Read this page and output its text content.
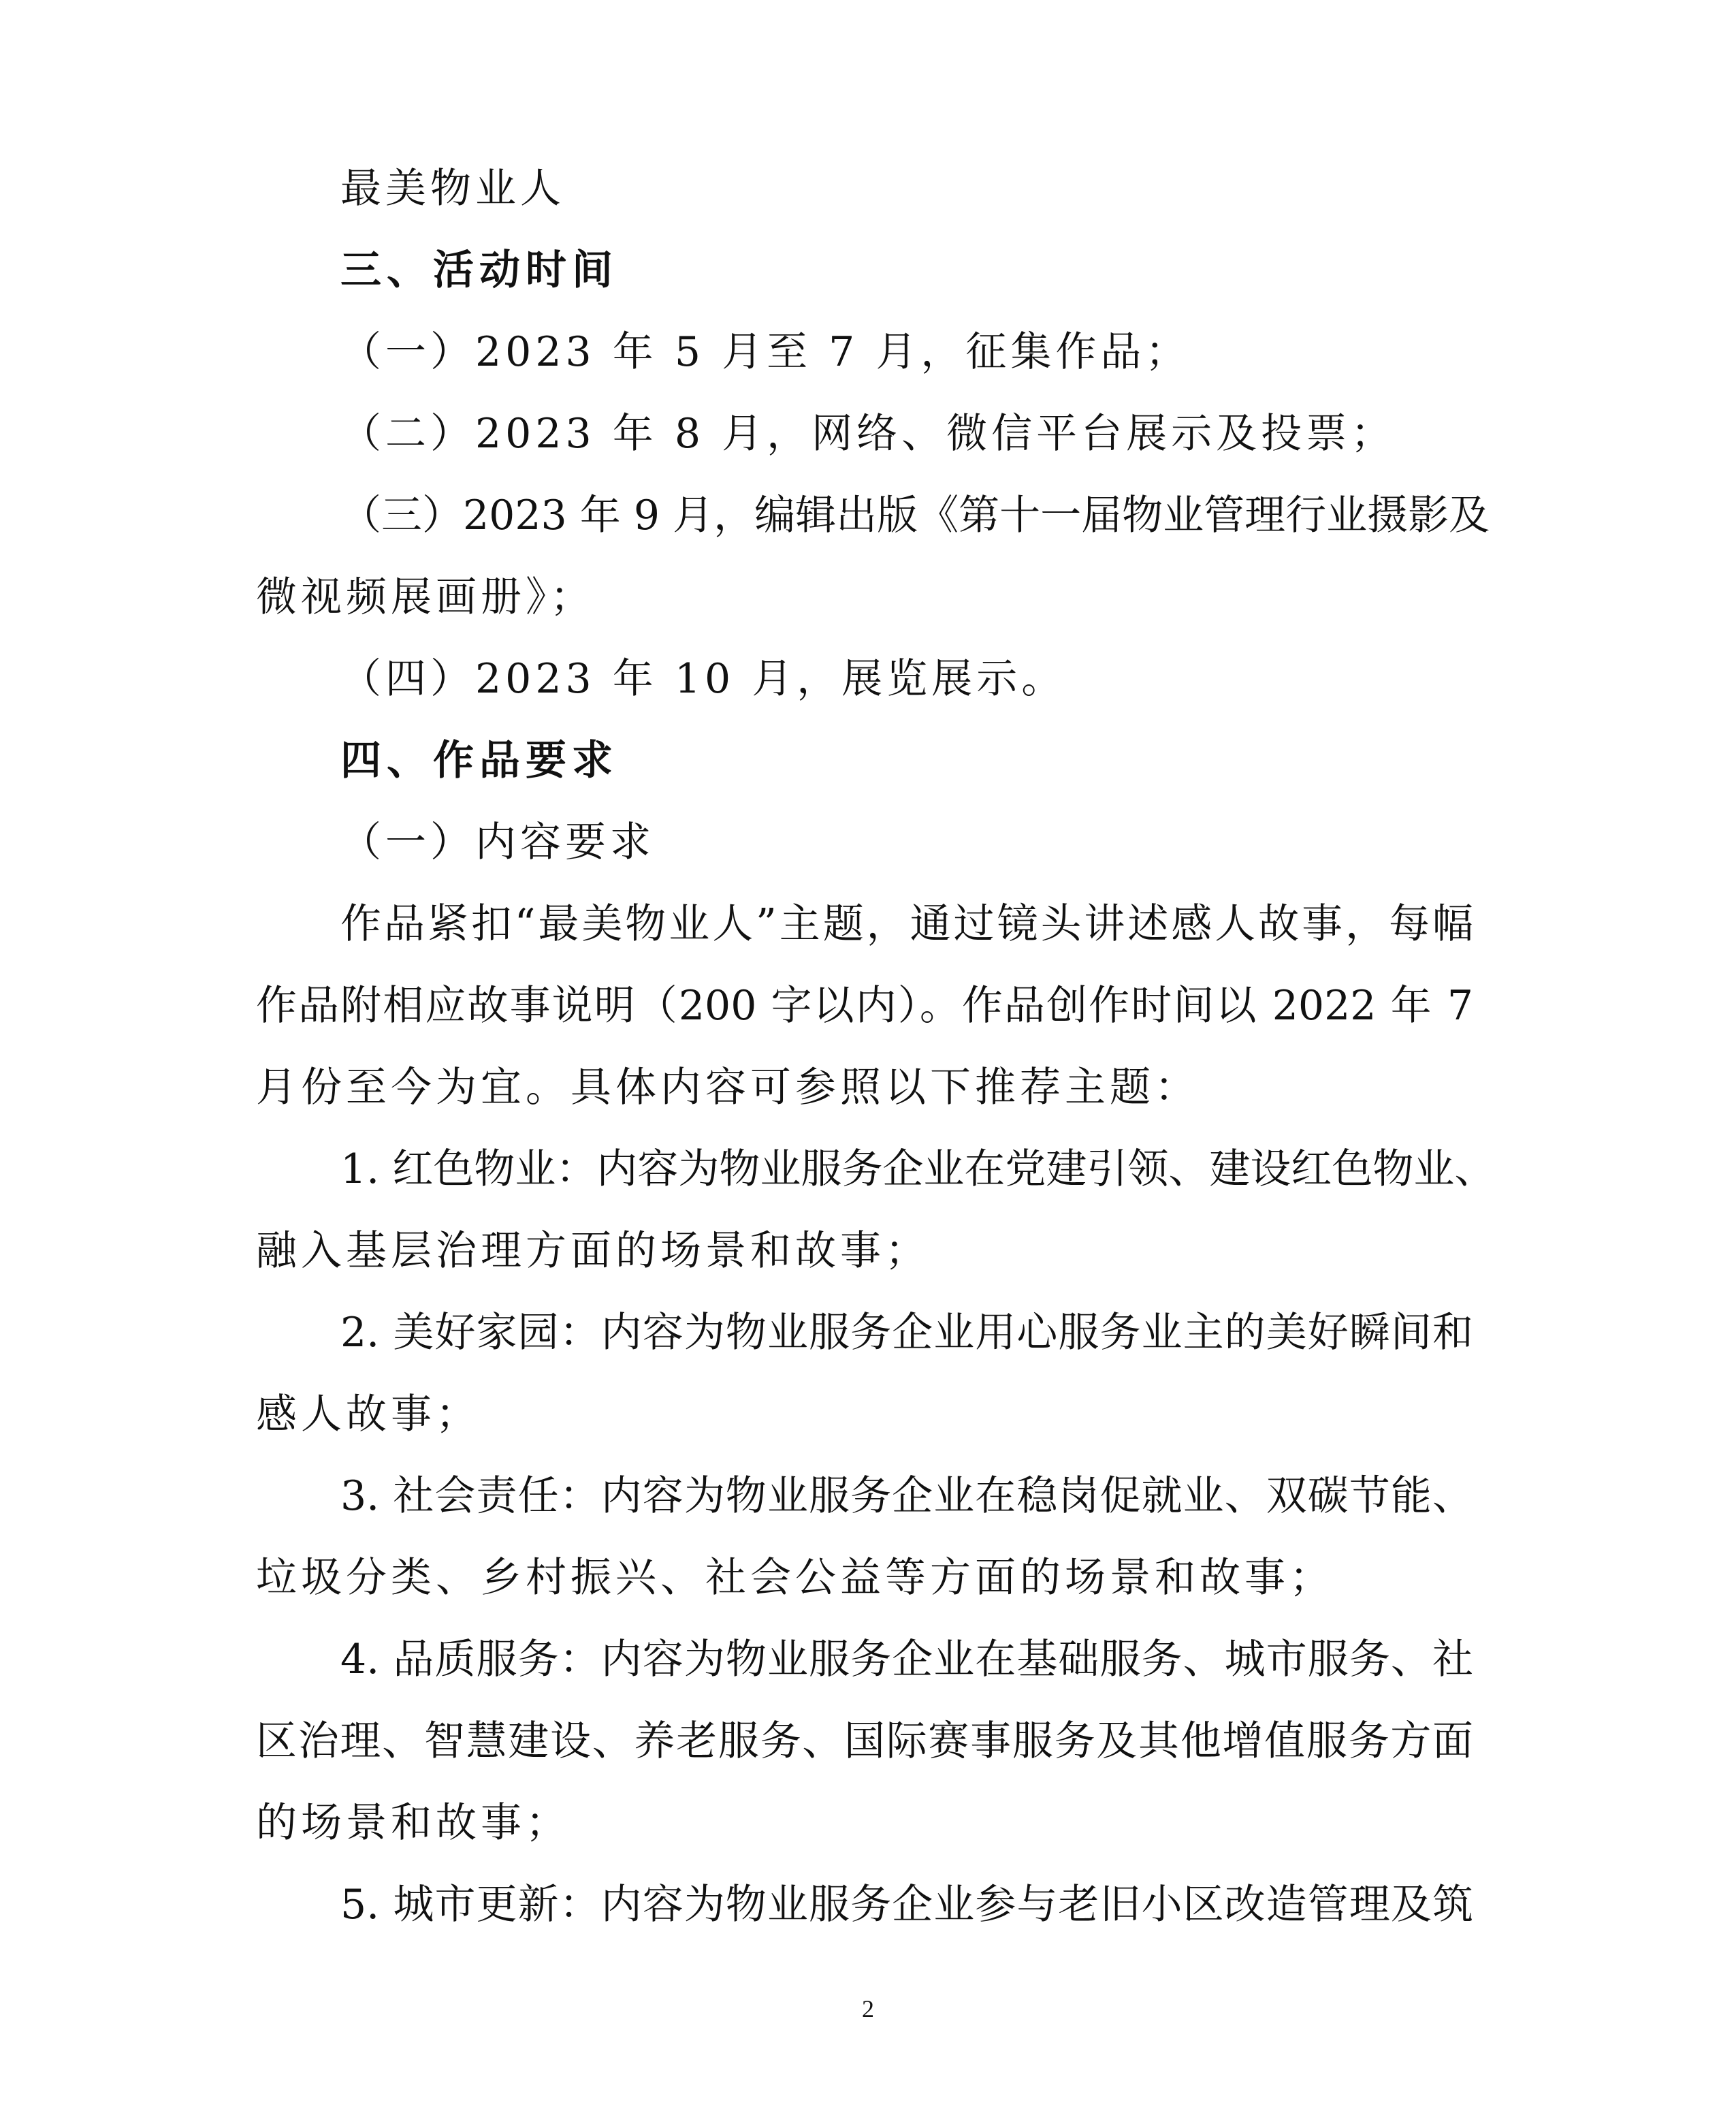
最美物业人
三、活动时间
（一）2023 年 5 月至 7 月，征集作品；
（二）2023 年 8 月，网络、微信平台展示及投票；
（三）2023 年 9 月，编辑出版《第十一届物业管理行业摄影及
微视频展画册》；
（四）2023 年 10 月，展览展示。
四、作品要求
（一）内容要求
作品紧扣“最美物业人”主题，通过镜头讲述感人故事，每幅
作品附相应故事说明（200 字以内）。作品创作时间以 2022 年 7
月份至今为宜。具体内容可参照以下推荐主题：
1. 红色物业：内容为物业服务企业在党建引领、建设红色物业、
融入基层治理方面的场景和故事；
2. 美好家园：内容为物业服务企业用心服务业主的美好瞬间和
感人故事；
3. 社会责任：内容为物业服务企业在稳岗促就业、双碳节能、
垃圾分类、乡村振兴、社会公益等方面的场景和故事；
4. 品质服务：内容为物业服务企业在基础服务、城市服务、社
区治理、智慧建设、养老服务、国际赛事服务及其他增值服务方面
的场景和故事；
5. 城市更新：内容为物业服务企业参与老旧小区改造管理及筑
2
